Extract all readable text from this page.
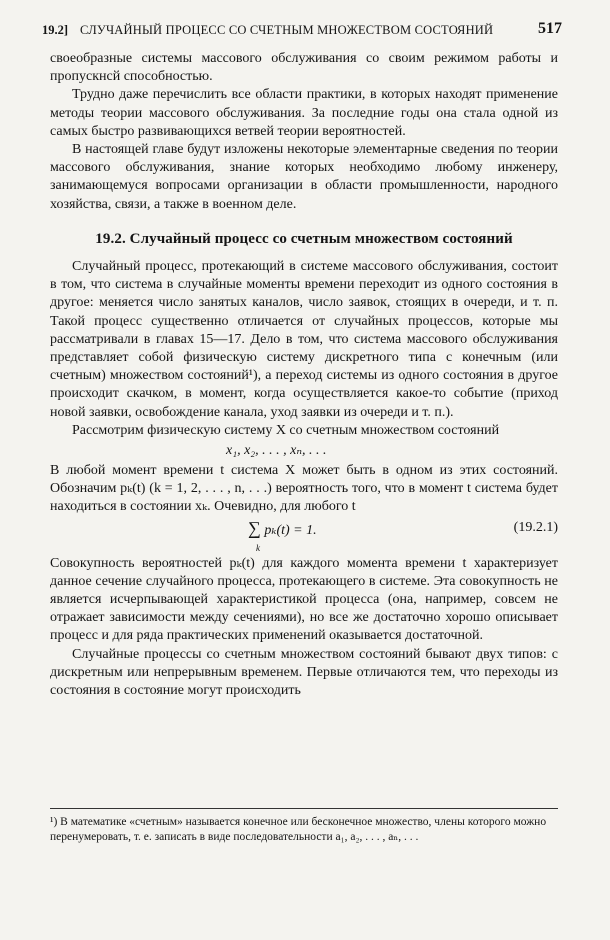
19.2] СЛУЧАЙНЫЙ ПРОЦЕСС СО СЧЕТНЫМ МНОЖЕСТВОМ СОСТОЯНИЙ	517

своеобразные системы массового обслуживания со своим режимом работы и пропускнсй способностью.

Трудно даже перечислить все области практики, в которых находят применение методы теории массового обслуживания. За последние годы она стала одной из самых быстро развивающихся ветвей теории вероятностей.

В настоящей главе будут изложены некоторые элементарные сведения по теории массового обслуживания, знание которых необходимо любому инженеру, занимающемуся вопросами организации в области промышленности, народного хозяйства, связи, а также в военном деле.

19.2. Случайный процесс со счетным множеством состояний

Случайный процесс, протекающий в системе массового обслуживания, состоит в том, что система в случайные моменты времени переходит из одного состояния в другое: меняется число занятых каналов, число заявок, стоящих в очереди, и т. п. Такой процесс существенно отличается от случайных процессов, которые мы рассматривали в главах 15—17. Дело в том, что система массового обслуживания представляет собой физическую систему дискретного типа с конечным (или счетным) множеством состояний¹), а переход системы из одного состояния в другое происходит скачком, в момент, когда осуществляется какое-то событие (приход новой заявки, освобождение канала, уход заявки из очереди и т. п.).

Рассмотрим физическую систему X со счетным множеством состояний

x₁, x₂, . . . , xₙ, . . .

В любой момент времени t система X может быть в одном из этих состояний. Обозначим pₖ(t) (k = 1, 2, . . . , n, . . .) вероятность того, что в момент t система будет находиться в состоянии xₖ. Очевидно, для любого t

∑
k
pₖ(t) = 1.	(19.2.1)

Совокупность вероятностей pₖ(t) для каждого момента времени t характеризует данное сечение случайного процесса, протекающего в системе. Эта совокупность не является исчерпывающей характеристикой процесса (она, например, совсем не отражает зависимости между сечениями), но все же достаточно хорошо описывает процесс и для ряда практических применений оказывается достаточной.

Случайные процессы со счетным множеством состояний бывают двух типов: с дискретным или непрерывным временем. Первые отличаются тем, что переходы из состояния в состояние могут происходить

¹) В математике «счетным» называется конечное или бесконечное множество, члены которого можно перенумеровать, т. е. записать в виде последовательности a₁, a₂, . . . , aₙ, . . .
